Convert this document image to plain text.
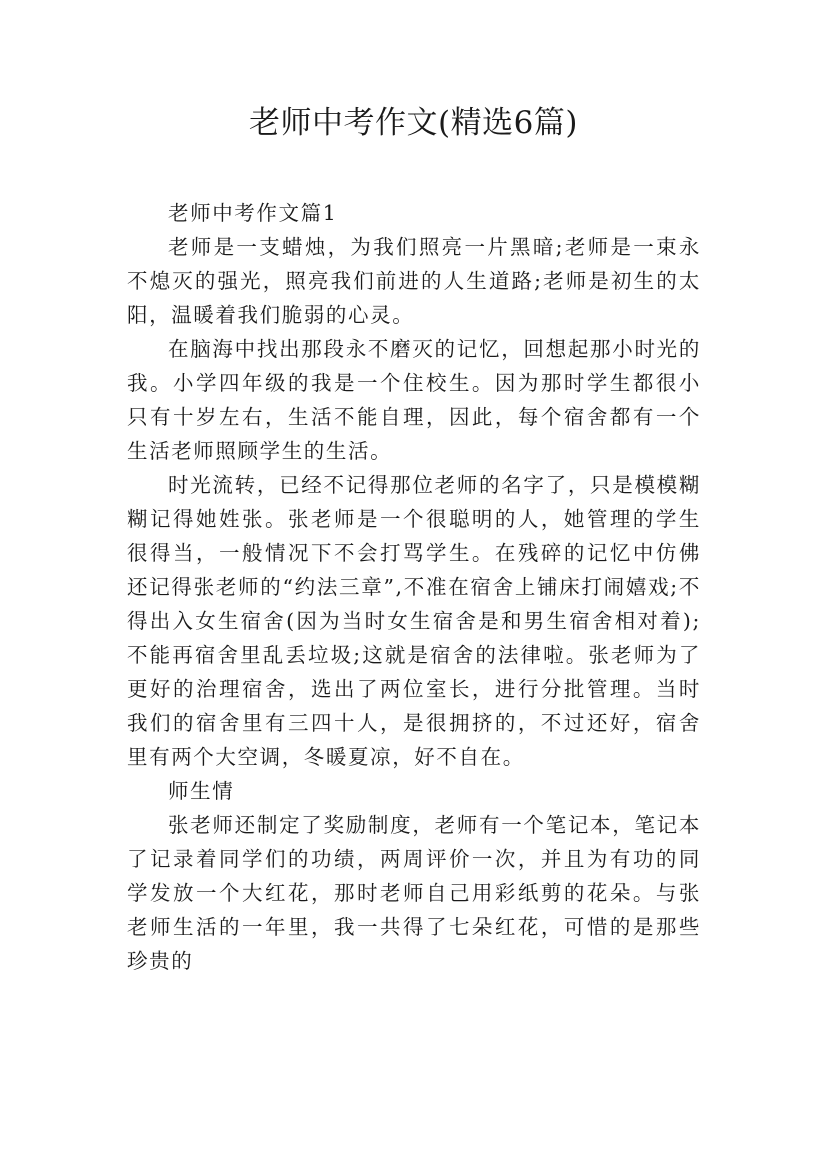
老师中考作文(精选6篇)
老师中考作文篇1

老师是一支蜡烛，为我们照亮一片黑暗;老师是一束永不熄灭的强光，照亮我们前进的人生道路;老师是初生的太阳，温暖着我们脆弱的心灵。

在脑海中找出那段永不磨灭的记忆，回想起那小时光的我。小学四年级的我是一个住校生。因为那时学生都很小只有十岁左右，生活不能自理，因此，每个宿舍都有一个生活老师照顾学生的生活。

时光流转，已经不记得那位老师的名字了，只是模模糊糊记得她姓张。张老师是一个很聪明的人，她管理的学生很得当，一般情况下不会打骂学生。在残碎的记忆中仿佛还记得张老师的“约法三章”,不准在宿舍上铺床打闹嬉戏;不得出入女生宿舍(因为当时女生宿舍是和男生宿舍相对着);不能再宿舍里乱丢垃圾;这就是宿舍的法律啦。张老师为了更好的治理宿舍，选出了两位室长，进行分批管理。当时我们的宿舍里有三四十人，是很拥挤的，不过还好，宿舍里有两个大空调，冬暖夏凉，好不自在。

师生情

张老师还制定了奖励制度，老师有一个笔记本，笔记本了记录着同学们的功绩，两周评价一次，并且为有功的同学发放一个大红花，那时老师自己用彩纸剪的花朵。与张老师生活的一年里，我一共得了七朵红花，可惜的是那些珍贵的
